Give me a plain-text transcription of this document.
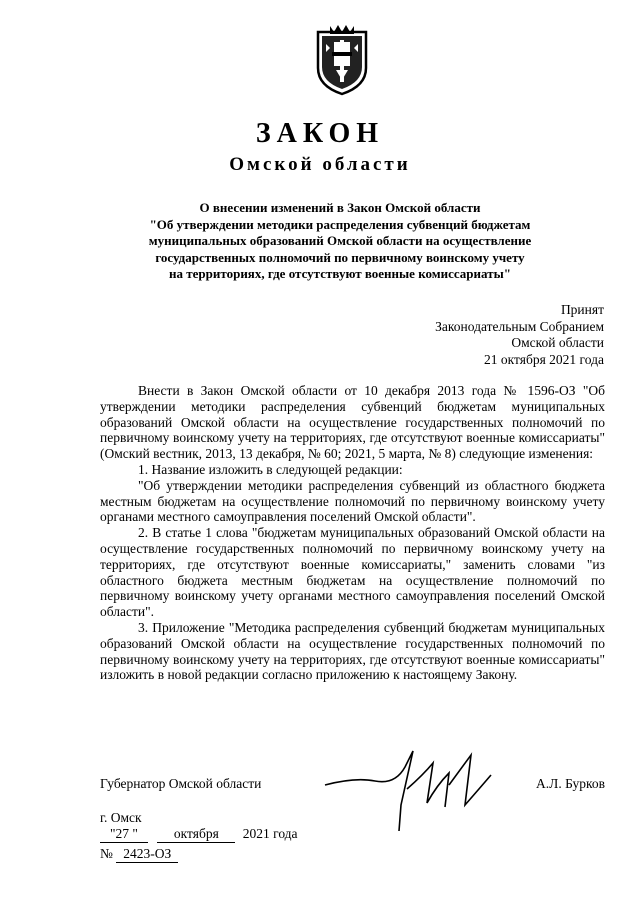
ЗАКОН
Омской области
О внесении изменений в Закон Омской области
"Об утверждении методики распределения субвенций бюджетам
муниципальных образований Омской области на осуществление
государственных полномочий по первичному воинскому учету
на территориях, где отсутствуют военные комиссариаты"
Принят
Законодательным Собранием
Омской области
21 октября 2021 года

Внести в Закон Омской области от 10 декабря 2013 года № 1596-ОЗ "Об утверждении методики распределения субвенций бюджетам муниципальных образований Омской области на осуществление государственных полномочий по первичному воинскому учету на территориях, где отсутствуют военные комиссариаты" (Омский вестник, 2013, 13 декабря, № 60; 2021, 5 марта, № 8) следующие изменения:

1. Название изложить в следующей редакции:

"Об утверждении методики распределения субвенций из областного бюджета местным бюджетам на осуществление полномочий по первичному воинскому учету органами местного самоуправления поселений Омской области".

2. В статье 1 слова "бюджетам муниципальных образований Омской области на осуществление государственных полномочий по первичному воинскому учету на территориях, где отсутствуют военные комиссариаты," заменить словами "из областного бюджета местным бюджетам на осуществление полномочий по первичному воинскому учету органами местного самоуправления поселений Омской области".

3. Приложение "Методика распределения субвенций бюджетам муниципальных образований Омской области на осуществление государственных полномочий по первичному воинскому учету на территориях, где отсутствуют военные комиссариаты" изложить в новой редакции согласно приложению к настоящему Закону.

Губернатор Омской области	А.Л. Бурков
г. Омск
"27 "	октября 2021 года
№ 2423-ОЗ
